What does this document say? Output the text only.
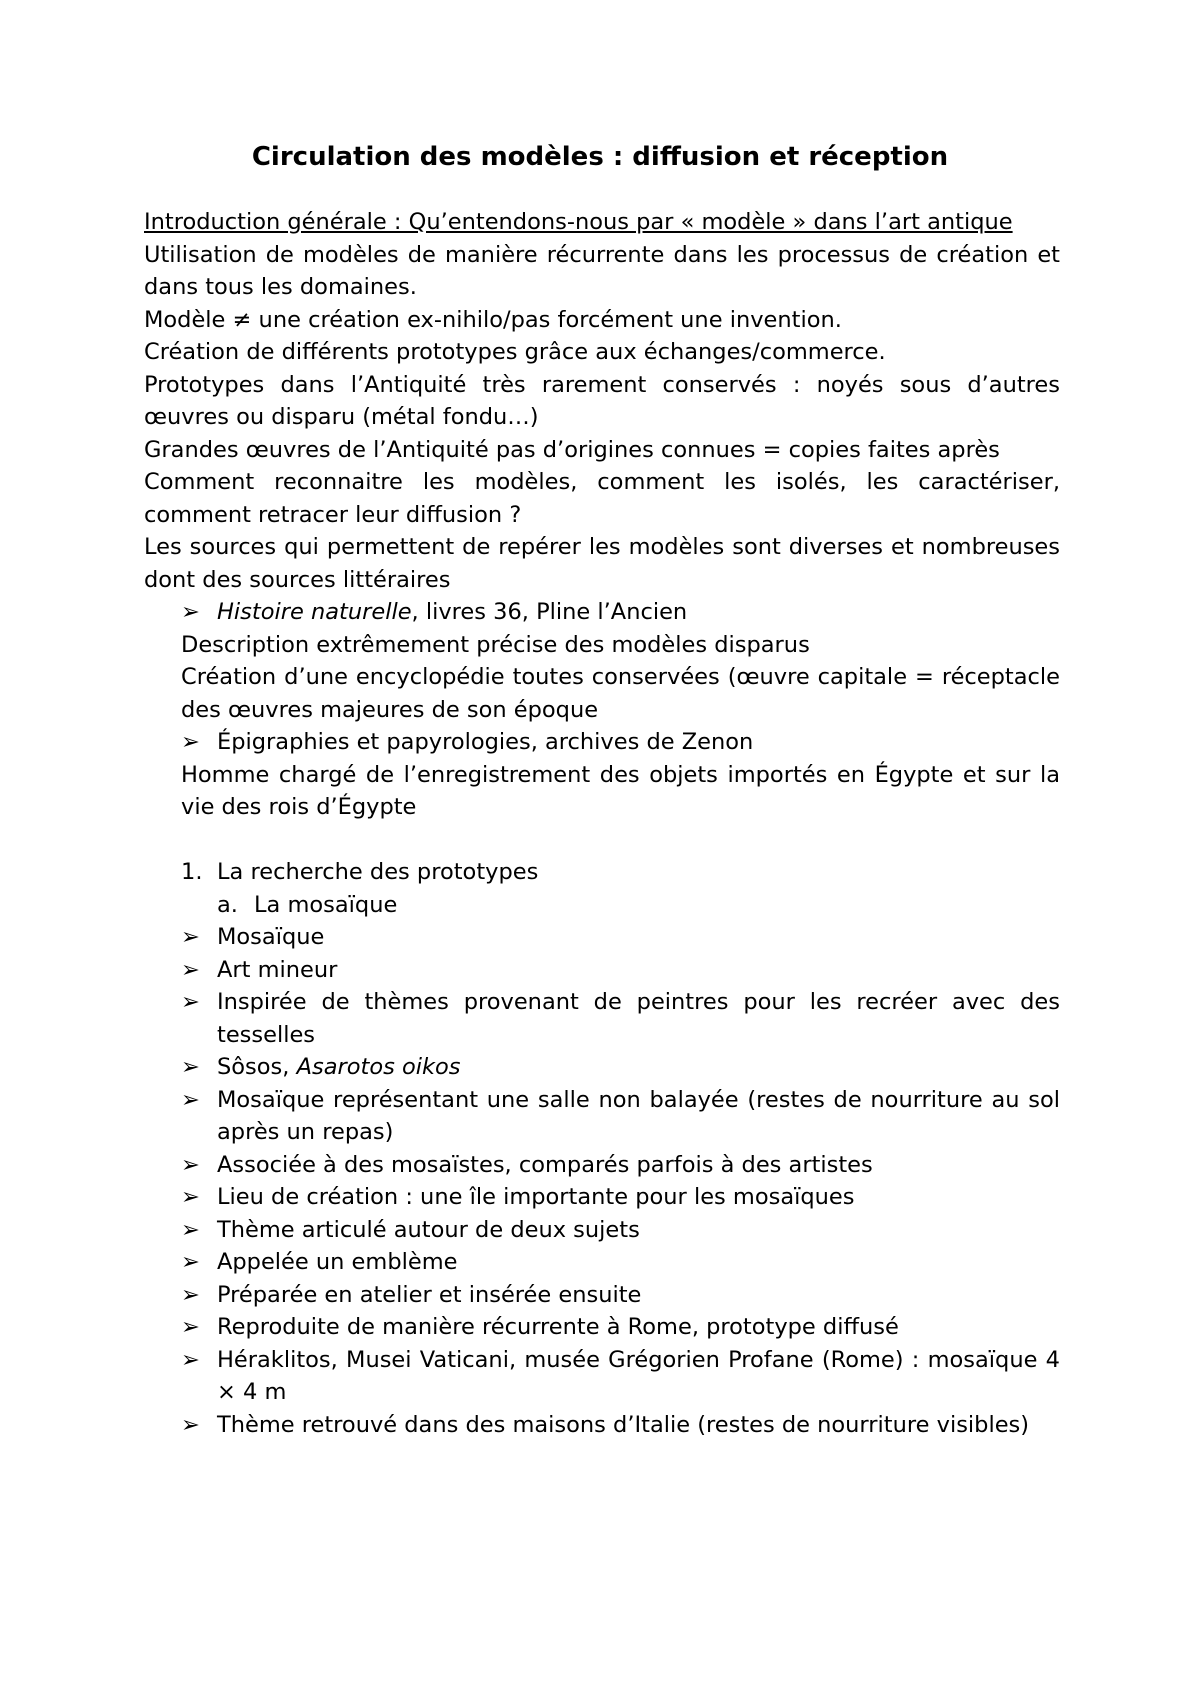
Circulation des modèles : diffusion et réception

Introduction générale : Qu’entendons-nous par « modèle » dans l’art antique

Utilisation de modèles de manière récurrente dans les processus de création et dans tous les domaines.

Modèle ≠ une création ex-nihilo/pas forcément une invention.

Création de différents prototypes grâce aux échanges/commerce.

Prototypes dans l’Antiquité très rarement conservés : noyés sous d’autres œuvres ou disparu (métal fondu…)

Grandes œuvres de l’Antiquité pas d’origines connues = copies faites après

Comment reconnaitre les modèles, comment les isolés, les caractériser, comment retracer leur diffusion ?

Les sources qui permettent de repérer les modèles sont diverses et nombreuses dont des sources littéraires

➢ Histoire naturelle, livres 36, Pline l’Ancien

Description extrêmement précise des modèles disparus

Création d’une encyclopédie toutes conservées (œuvre capitale = réceptacle des œuvres majeures de son époque

➢ Épigraphies et papyrologies, archives de Zenon

Homme chargé de l’enregistrement des objets importés en Égypte et sur la vie des rois d’Égypte

1. La recherche des prototypes

a. La mosaïque

➢ Mosaïque

➢ Art mineur

➢ Inspirée de thèmes provenant de peintres pour les recréer avec des tesselles

➢ Sôsos, Asarotos oikos

➢ Mosaïque représentant une salle non balayée (restes de nourriture au sol après un repas)

➢ Associée à des mosaïstes, comparés parfois à des artistes

➢ Lieu de création : une île importante pour les mosaïques

➢ Thème articulé autour de deux sujets

➢ Appelée un emblème

➢ Préparée en atelier et insérée ensuite

➢ Reproduite de manière récurrente à Rome, prototype diffusé

➢ Héraklitos, Musei Vaticani, musée Grégorien Profane (Rome) : mosaïque 4 × 4 m

➢ Thème retrouvé dans des maisons d’Italie (restes de nourriture visibles)
